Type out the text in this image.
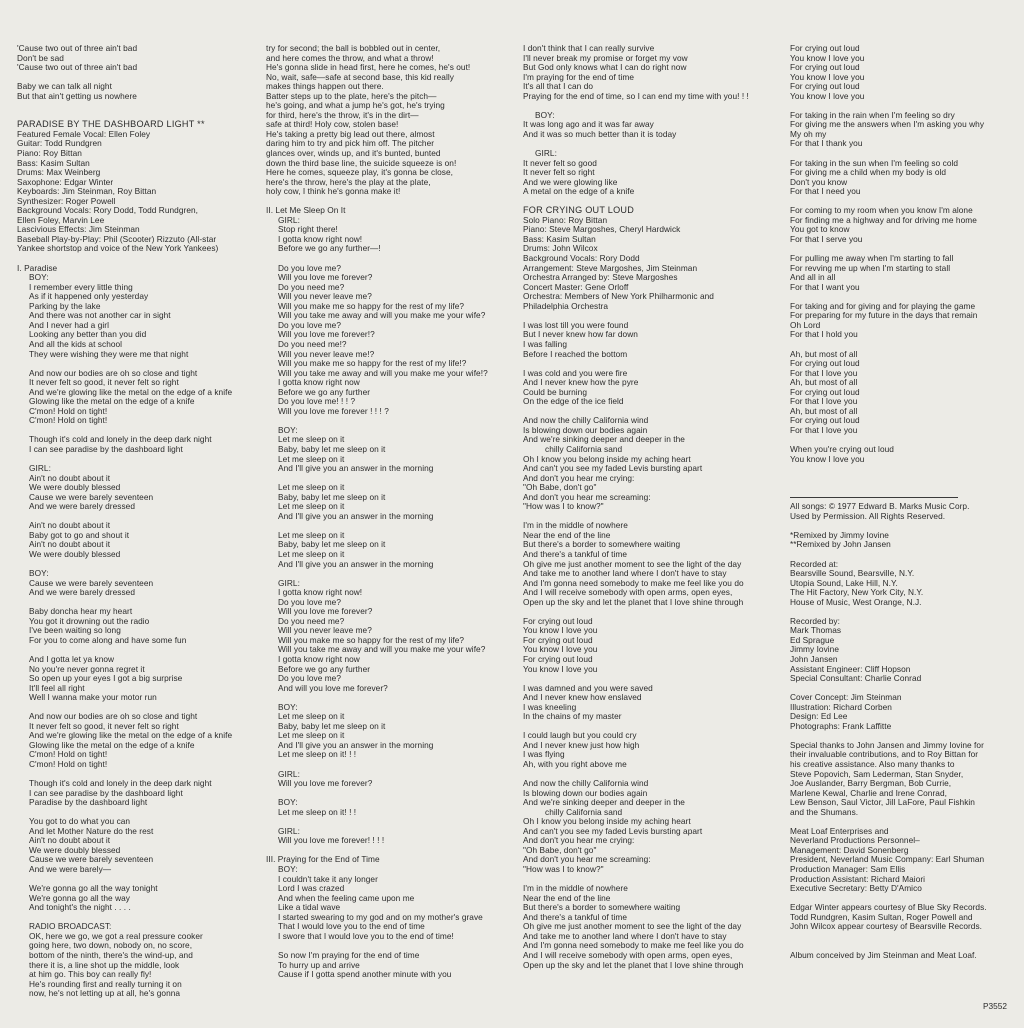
'Cause two out of three ain't bad
Don't be sad
'Cause two out of three ain't bad
Baby we can talk all night
But that ain't getting us nowhere
PARADISE BY THE DASHBOARD LIGHT **
Featured Female Vocal: Ellen Foley
Guitar: Todd Rundgren
Piano: Roy Bittan
Bass: Kasim Sultan
Drums: Max Weinberg
Saxophone: Edgar Winter
Keyboards: Jim Steinman, Roy Bittan
Synthesizer: Roger Powell
Background Vocals: Rory Dodd, Todd Rundgren,
Ellen Foley, Marvin Lee
Lascivious Effects: Jim Steinman
Baseball Play-by-Play: Phil (Scooter) Rizzuto (All-star
Yankee shortstop and voice of the New York Yankees)
I. Paradise
BOY:
I remember every little thing
As if it happened only yesterday
Parking by the lake
And there was not another car in sight
And I never had a girl
Looking any better than you did
And all the kids at school
They were wishing they were me that night
And now our bodies are oh so close and tight
It never felt so good, it never felt so right
And we're glowing like the metal on the edge of a knife
Glowing like the metal on the edge of a knife
C'mon! Hold on tight!
C'mon! Hold on tight!
Though it's cold and lonely in the deep dark night
I can see paradise by the dashboard light
GIRL:
Ain't no doubt about it
We were doubly blessed
Cause we were barely seventeen
And we were barely dressed
Ain't no doubt about it
Baby got to go and shout it
Ain't no doubt about it
We were doubly blessed
BOY:
Cause we were barely seventeen
And we were barely dressed
Baby doncha hear my heart
You got it drowning out the radio
I've been waiting so long
For you to come along and have some fun
And I gotta let ya know
No you're never gonna regret it
So open up your eyes I got a big surprise
It'll feel all right
Well I wanna make your motor run
And now our bodies are oh so close and tight
It never felt so good, it never felt so right
And we're glowing like the metal on the edge of a knife
Glowing like the metal on the edge of a knife
C'mon! Hold on tight!
C'mon! Hold on tight!
Though it's cold and lonely in the deep dark night
I can see paradise by the dashboard light
Paradise by the dashboard light
You got to do what you can
And let Mother Nature do the rest
Ain't no doubt about it
We were doubly blessed
Cause we were barely seventeen
And we were barely—
We're gonna go all the way tonight
We're gonna go all the way
And tonight's the night . . . .
RADIO BROADCAST:
OK, here we go, we got a real pressure cooker
going here, two down, nobody on, no score,
bottom of the ninth, there's the wind-up, and
there it is, a line shot up the middle, look
at him go. This boy can really fly!
He's rounding first and really turning it on
now, he's not letting up at all, he's gonna
try for second; the ball is bobbled out in center,
and here comes the throw, and what a throw!
He's gonna slide in head first, here he comes, he's out!
No, wait, safe—safe at second base, this kid really
makes things happen out there.
Batter steps up to the plate, here's the pitch—
he's going, and what a jump he's got, he's trying
for third, here's the throw, it's in the dirt—
safe at third! Holy cow, stolen base!
He's taking a pretty big lead out there, almost
daring him to try and pick him off. The pitcher
glances over, winds up, and it's bunted, bunted
down the third base line, the suicide squeeze is on!
Here he comes, squeeze play, it's gonna be close,
here's the throw, here's the play at the plate,
holy cow, I think he's gonna make it!
II. Let Me Sleep On It
GIRL:
Stop right there!
I gotta know right now!
Before we go any further—!
Do you love me?
Will you love me forever?
Do you need me?
Will you never leave me?
Will you make me so happy for the rest of my life?
Will you take me away and will you make me your wife?
Do you love me?
Will you love me forever!?
Do you need me!?
Will you never leave me!?
Will you make me so happy for the rest of my life!?
Will you take me away and will you make me your wife!?
I gotta know right now
Before we go any further
Do you love me! ! ! ?
Will you love me forever ! ! ! ?
BOY:
Let me sleep on it
Baby, baby let me sleep on it
Let me sleep on it
And I'll give you an answer in the morning
Let me sleep on it
Baby, baby let me sleep on it
Let me sleep on it
And I'll give you an answer in the morning
Let me sleep on it
Baby, baby let me sleep on it
Let me sleep on it
And I'll give you an answer in the morning
GIRL:
I gotta know right now!
Do you love me?
Will you love me forever?
Do you need me?
Will you never leave me?
Will you make me so happy for the rest of my life?
Will you take me away and will you make me your wife?
I gotta know right now
Before we go any further
Do you love me?
And will you love me forever?
BOY:
Let me sleep on it
Baby, baby let me sleep on it
Let me sleep on it
And I'll give you an answer in the morning
Let me sleep on it! ! !
GIRL:
Will you love me forever?
BOY:
Let me sleep on it! ! !
GIRL:
Will you love me forever! ! ! !
III. Praying for the End of Time
BOY:
I couldn't take it any longer
Lord I was crazed
And when the feeling came upon me
Like a tidal wave
I started swearing to my god and on my mother's grave
That I would love you to the end of time
I swore that I would love you to the end of time!
So now I'm praying for the end of time
To hurry up and arrive
Cause if I gotta spend another minute with you
I don't think that I can really survive
I'll never break my promise or forget my vow
But God only knows what I can do right now
I'm praying for the end of time
It's all that I can do
Praying for the end of time, so I can end my time with you! ! !
BOY:
It was long ago and it was far away
And it was so much better than it is today
GIRL:
It never felt so good
It never felt so right
And we were glowing like
A metal on the edge of a knife
FOR CRYING OUT LOUD
Solo Piano: Roy Bittan
Piano: Steve Margoshes, Cheryl Hardwick
Bass: Kasim Sultan
Drums: John Wilcox
Background Vocals: Rory Dodd
Arrangement: Steve Margoshes, Jim Steinman
Orchestra Arranged by: Steve Margoshes
Concert Master: Gene Orloff
Orchestra: Members of New York Philharmonic and
Philadelphia Orchestra
I was lost till you were found
But I never knew how far down
I was falling
Before I reached the bottom
I was cold and you were fire
And I never knew how the pyre
Could be burning
On the edge of the ice field
And now the chilly California wind
Is blowing down our bodies again
And we're sinking deeper and deeper in the
chilly California sand
Oh I know you belong inside my aching heart
And can't you see my faded Levis bursting apart
And don't you hear me crying:
"Oh Babe, don't go"
And don't you hear me screaming:
"How was I to know?"
I'm in the middle of nowhere
Near the end of the line
But there's a border to somewhere waiting
And there's a tankful of time
Oh give me just another moment to see the light of the day
And take me to another land where I don't have to stay
And I'm gonna need somebody to make me feel like you do
And I will receive somebody with open arms, open eyes,
Open up the sky and let the planet that I love shine through
For crying out loud
You know I love you
For crying out loud
You know I love you
For crying out loud
You know I love you
I was damned and you were saved
And I never knew how enslaved
I was kneeling
In the chains of my master
I could laugh but you could cry
And I never knew just how high
I was flying
Ah, with you right above me
And now the chilly California wind
Is blowing down our bodies again
And we're sinking deeper and deeper in the
chilly California sand
Oh I know you belong inside my aching heart
And can't you see my faded Levis bursting apart
And don't you hear me crying:
"Oh Babe, don't go"
And don't you hear me screaming:
"How was I to know?"
I'm in the middle of nowhere
Near the end of the line
But there's a border to somewhere waiting
And there's a tankful of time
Oh give me just another moment to see the light of the day
And take me to another land where I don't have to stay
And I'm gonna need somebody to make me feel like you do
And I will receive somebody with open arms, open eyes,
Open up the sky and let the planet that I love shine through
For crying out loud
You know I love you
For crying out loud
You know I love you
For crying out loud
You know I love you
For taking in the rain when I'm feeling so dry
For giving me the answers when I'm asking you why
My oh my
For that I thank you
For taking in the sun when I'm feeling so cold
For giving me a child when my body is old
Don't you know
For that I need you
For coming to my room when you know I'm alone
For finding me a highway and for driving me home
You got to know
For that I serve you
For pulling me away when I'm starting to fall
For revving me up when I'm starting to stall
And all in all
For that I want you
For taking and for giving and for playing the game
For preparing for my future in the days that remain
Oh Lord
For that I hold you
Ah, but most of all
For crying out loud
For that I love you
Ah, but most of all
For crying out loud
For that I love you
Ah, but most of all
For crying out loud
For that I love you
When you're crying out loud
You know I love you
All songs: © 1977 Edward B. Marks Music Corp.
Used by Permission. All Rights Reserved.
*Remixed by Jimmy Iovine
**Remixed by John Jansen
Recorded at:
Bearsville Sound, Bearsville, N.Y.
Utopia Sound, Lake Hill, N.Y.
The Hit Factory, New York City, N.Y.
House of Music, West Orange, N.J.
Recorded by:
Mark Thomas
Ed Sprague
Jimmy Iovine
John Jansen
Assistant Engineer: Cliff Hopson
Special Consultant: Charlie Conrad
Cover Concept: Jim Steinman
Illustration: Richard Corben
Design: Ed Lee
Photographs: Frank Laffitte
Special thanks to John Jansen and Jimmy Iovine for
their invaluable contributions, and to Roy Bittan for
his creative assistance. Also many thanks to
Steve Popovich, Sam Lederman, Stan Snyder,
Joe Auslander, Barry Bergman, Bob Currie,
Marlene Kewal, Charlie and Irene Conrad,
Lew Benson, Saul Victor, Jill LaFore, Paul Fishkin
and the Shumans.
Meat Loaf Enterprises and
Neverland Productions Personnel–
Management: David Sonenberg
President, Neverland Music Company: Earl Shuman
Production Manager: Sam Ellis
Production Assistant: Richard Maiori
Executive Secretary: Betty D'Amico
Edgar Winter appears courtesy of Blue Sky Records.
Todd Rundgren, Kasim Sultan, Roger Powell and
John Wilcox appear courtesy of Bearsville Records.
Album conceived by Jim Steinman and Meat Loaf.
P3552
